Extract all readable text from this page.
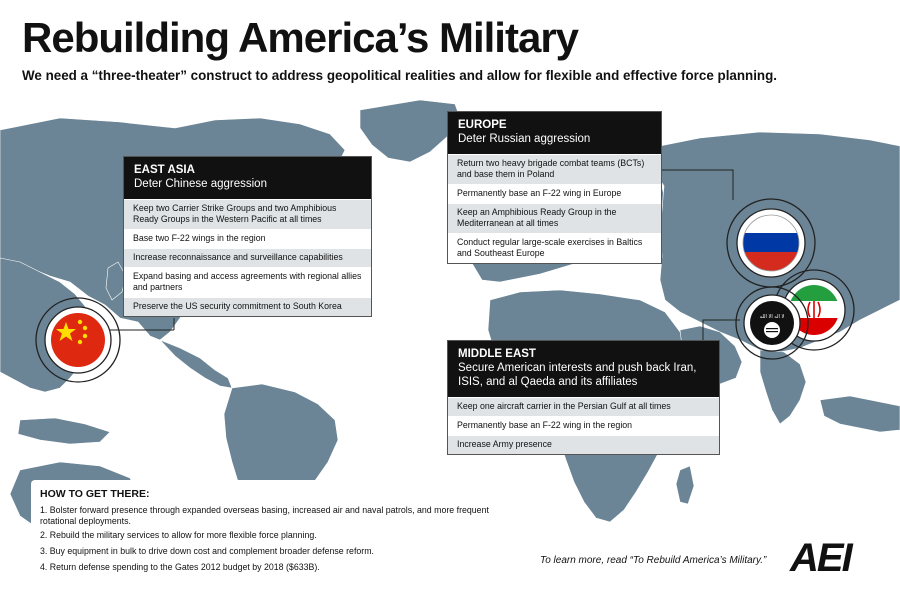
لا اله الا الله
Rebuilding America’s Military
We need a “three-theater” construct to address geopolitical realities and allow for flexible and effective force planning.
EAST ASIA
Deter Chinese aggression
Keep two Carrier Strike Groups and two Amphibious Ready Groups in the Western Pacific at all times
Base two F-22 wings in the region
Increase reconnaissance and surveillance capabilities
Expand basing and access agreements with regional allies and partners
Preserve the US security commitment to South Korea
EUROPE
Deter Russian aggression
Return two heavy brigade combat teams (BCTs) and base them in Poland
Permanently base an F-22 wing in Europe
Keep an Amphibious Ready Group in the Mediterranean at all times
Conduct regular large-scale exercises in Baltics and Southeast Europe
MIDDLE EAST
Secure American interests and push back Iran, ISIS, and al Qaeda and its affiliates
Keep one aircraft carrier in the Persian Gulf at all times
Permanently base an F-22 wing in the region
Increase Army presence
HOW TO GET THERE:
1. Bolster forward presence through expanded overseas basing, increased air and naval patrols, and more frequent rotational deployments.
2. Rebuild the military services to allow for more flexible force planning.
3. Buy equipment in bulk to drive down cost and complement broader defense reform.
4. Return defense spending to the Gates 2012 budget by 2018 ($633B).
To learn more, read “To Rebuild America’s Military.” AEI
